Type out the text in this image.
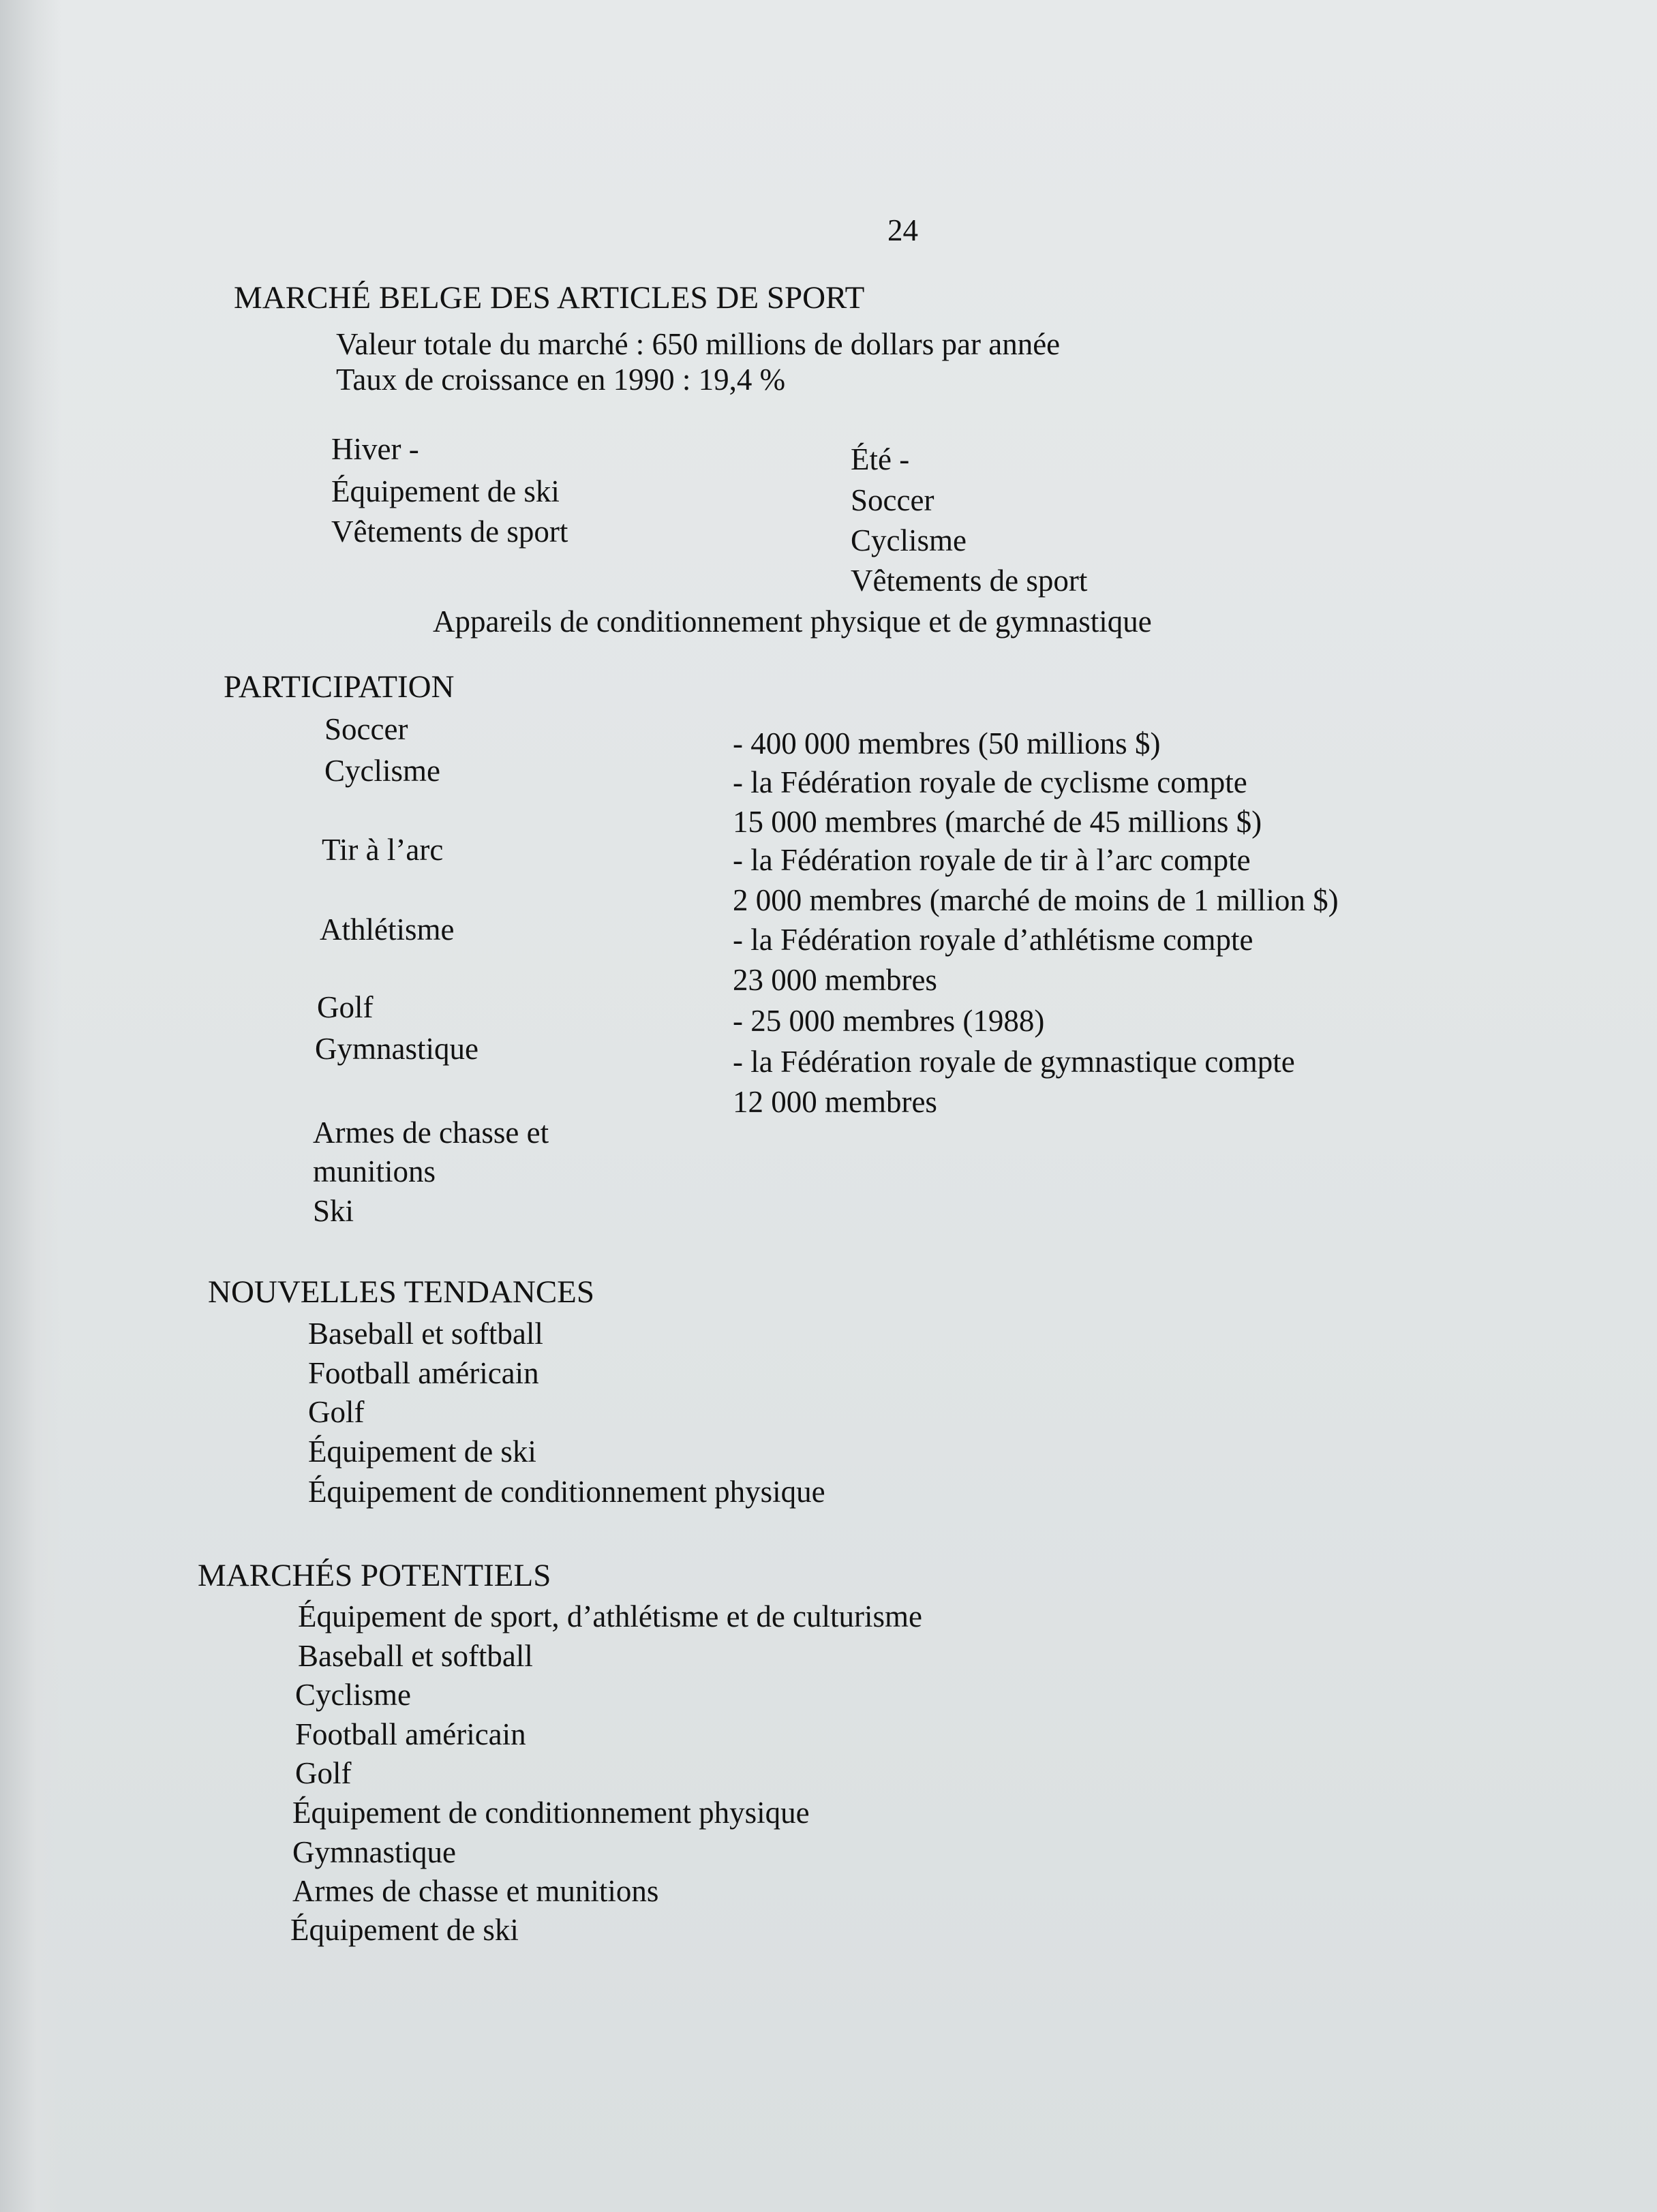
24
MARCHÉ BELGE DES ARTICLES DE SPORT
Valeur totale du marché : 650 millions de dollars par année
Taux de croissance en 1990 : 19,4 %
Hiver -
Équipement de ski
Vêtements de sport
Été -
Soccer
Cyclisme
Vêtements de sport
Appareils de conditionnement physique et de gymnastique
PARTICIPATION
Soccer	- 400 000 membres (50 millions $)
Cyclisme	- la Fédération royale de cyclisme compte
15 000 membres (marché de 45 millions $)
Tir à l’arc	- la Fédération royale de tir à l’arc compte
2 000 membres (marché de moins de 1 million $)
Athlétisme	- la Fédération royale d’athlétisme compte
23 000 membres
Golf	- 25 000 membres (1988)
Gymnastique	- la Fédération royale de gymnastique compte
12 000 membres
Armes de chasse et
munitions
Ski
NOUVELLES TENDANCES
Baseball et softball
Football américain
Golf
Équipement de ski
Équipement de conditionnement physique
MARCHÉS POTENTIELS
Équipement de sport, d’athlétisme et de culturisme
Baseball et softball
Cyclisme
Football américain
Golf
Équipement de conditionnement physique
Gymnastique
Armes de chasse et munitions
Équipement de ski
